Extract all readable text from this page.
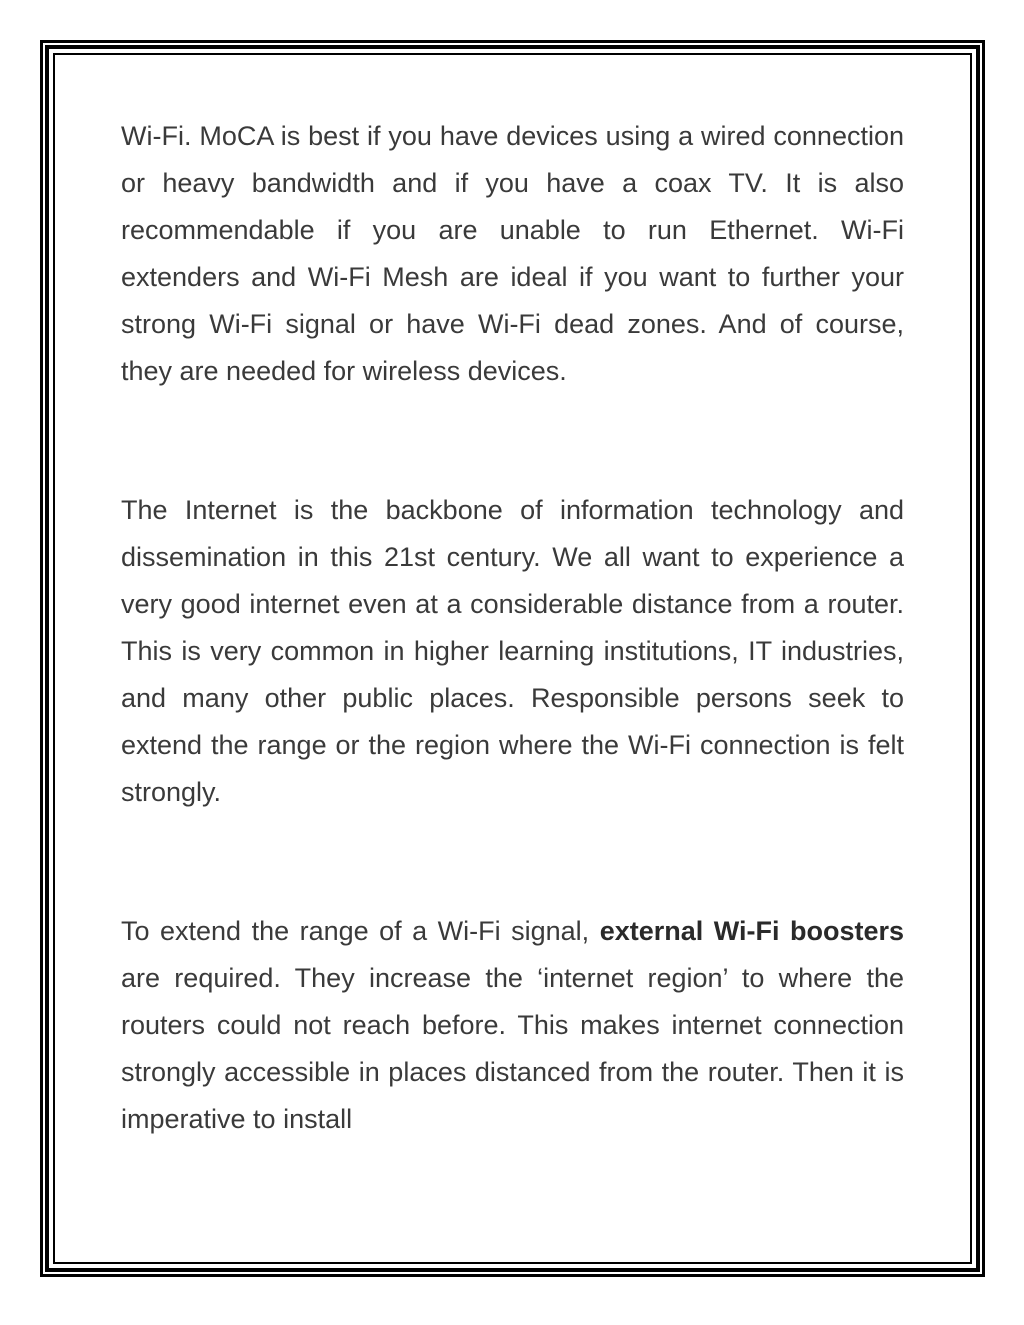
Wi-Fi. MoCA is best if you have devices using a wired connection or heavy bandwidth and if you have a coax TV. It is also recommendable if you are unable to run Ethernet. Wi-Fi extenders and Wi-Fi Mesh are ideal if you want to further your strong Wi-Fi signal or have Wi-Fi dead zones. And of course, they are needed for wireless devices.

The Internet is the backbone of information technology and dissemination in this 21st century. We all want to experience a very good internet even at a considerable distance from a router. This is very common in higher learning institutions, IT industries, and many other public places. Responsible persons seek to extend the range or the region where the Wi-Fi connection is felt strongly.

To extend the range of a Wi-Fi signal, external Wi-Fi boosters are required. They increase the ‘internet region’ to where the routers could not reach before. This makes internet connection strongly accessible in places distanced from the router. Then it is imperative to install
